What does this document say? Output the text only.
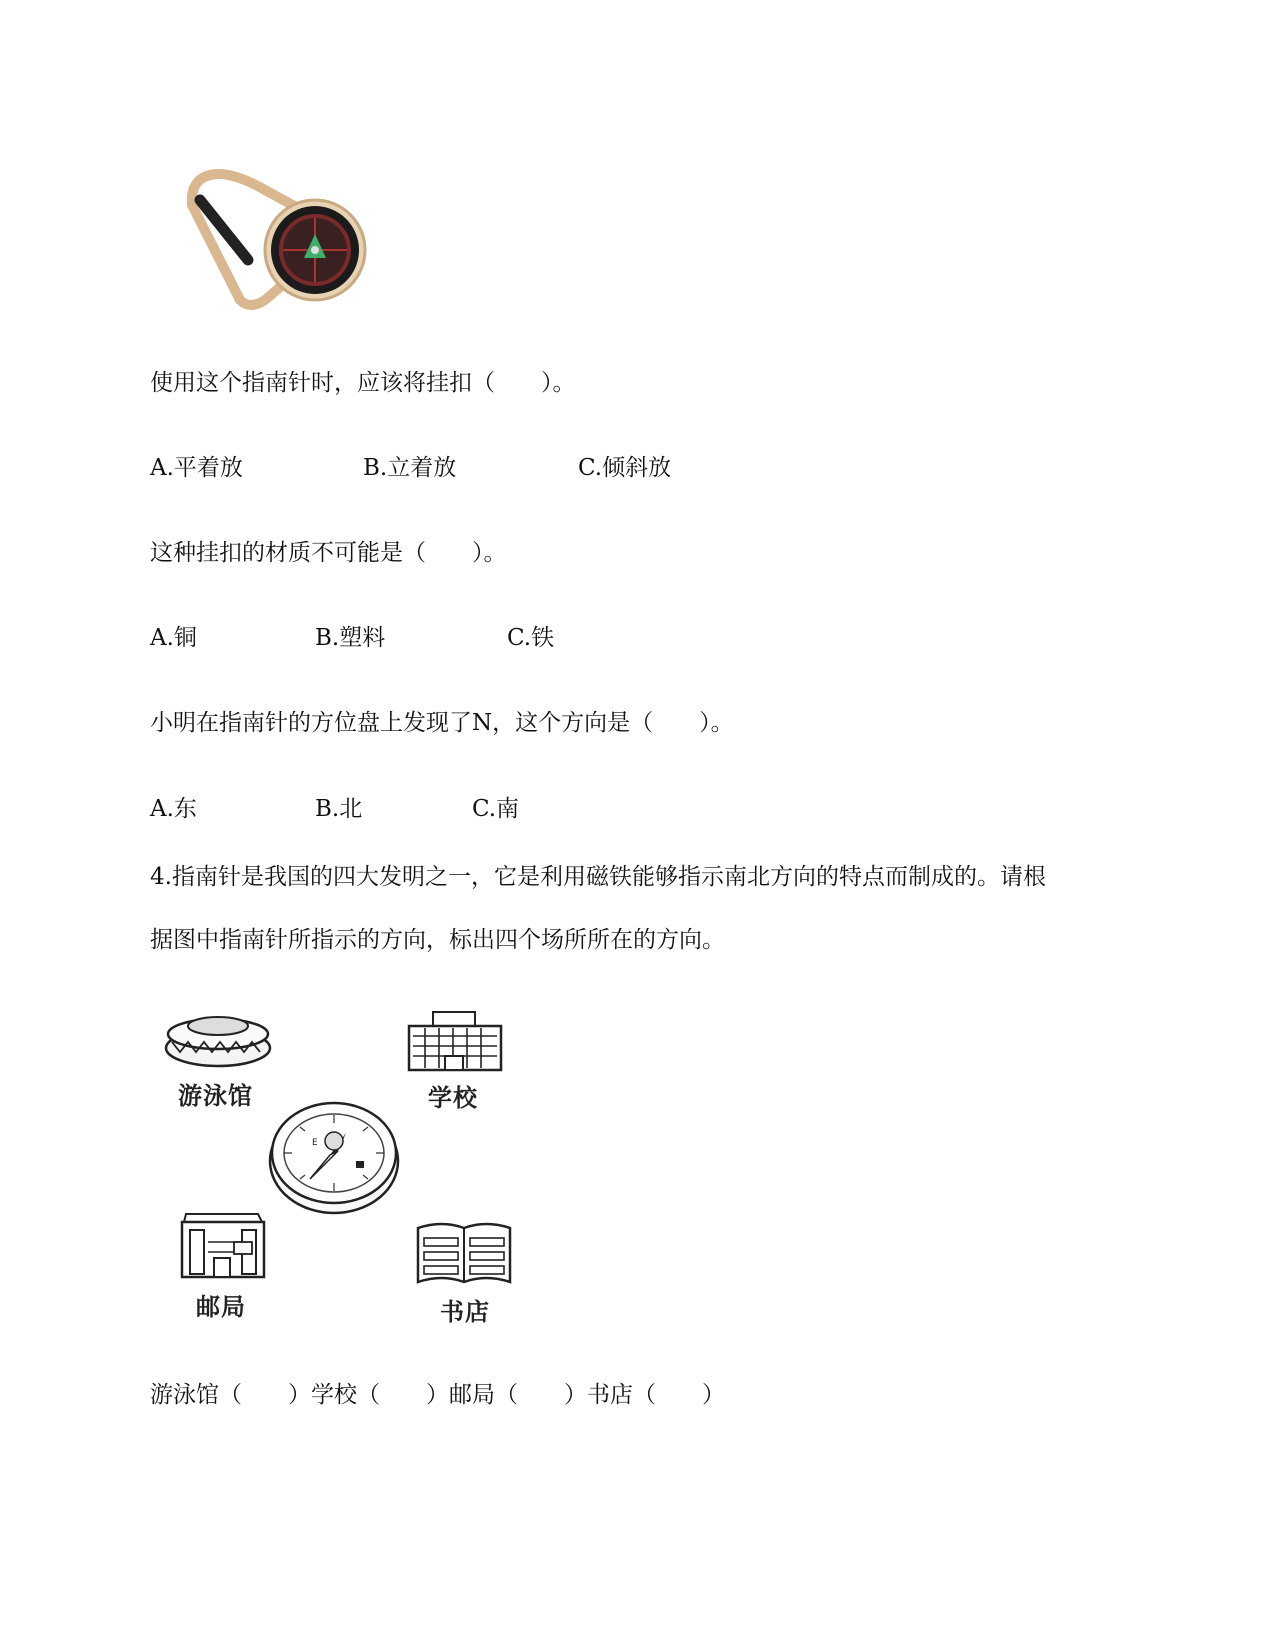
使用这个指南针时，应该将挂扣（　　）。
A.平着放	B.立着放	C.倾斜放
这种挂扣的材质不可能是（　　）。
A.铜	B.塑料	C.铁
小明在指南针的方位盘上发现了N，这个方向是（　　）。
A.东	B.北	C.南
4.指南针是我国的四大发明之一，它是利用磁铁能够指示南北方向的特点而制成的。请根
据图中指南针所指示的方向，标出四个场所所在的方向。
游泳馆	学校
E
邮局	书店
游泳馆（　　）学校（　　）邮局（　　）书店（　　）
